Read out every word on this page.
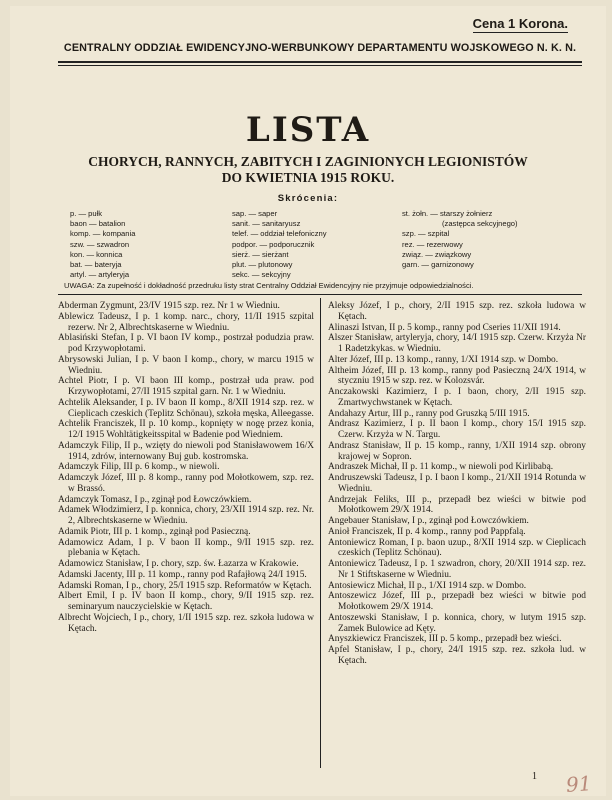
Cena 1 Korona.
CENTRALNY ODDZIAŁ EWIDENCYJNO-WERBUNKOWY DEPARTAMENTU WOJSKOWEGO N. K. N.
LISTA
CHORYCH, RANNYCH, ZABITYCH I ZAGINIONYCH LEGIONISTÓW
DO KWIETNIA 1915 ROKU.
Skrócenia:
p. — pułk
baon — batalion
komp. — kompania
szw. — szwadron
kon. — konnica
bat. — bateryja
artyl. — artyleryja
sap. — saper
sanit. — sanitaryusz
telef. — oddział telefoniczny
podpor. — podporucznik
sierż. — sierżant
plut. — plutonowy
sekc. — sekcyjny
st. żołn. — starszy żołnierz
(zastępca sekcyjnego)
szp. — szpital
rez. — rezerwowy
związ. — związkowy
garn. — garnizonowy
UWAGA: Za zupełność i dokładność przedruku listy strat Centralny Oddział Ewidencyjny nie przyjmuje odpowiedzialności.
Abderman Zygmunt, 23/IV 1915 szp. rez. Nr 1 w Wiedniu.
Ablewicz Tadeusz, I p. 1 komp. narc., chory, 11/II 1915 szpital rezerw. Nr 2, Albrechtskaserne w Wiedniu.
Ablasiński Stefan, I p. VI baon IV komp., postrzał podudzia praw. pod Krzywopłotami.
Abrysowski Julian, I p. V baon I komp., chory, w marcu 1915 w Wiedniu.
Achtel Piotr, I p. VI baon III komp., postrzał uda praw. pod Krzywopłotami, 27/II 1915 szpital garn. Nr. 1 w Wiedniu.
Achtelik Aleksander, I p. IV baon II komp., 8/XII 1914 szp. rez. w Cieplicach czeskich (Teplitz Schönau), szkoła męska, Alleegasse.
Achtelik Franciszek, II p. 10 komp., kopnięty w nogę przez konia, 12/I 1915 Wohltätigkeitsspital w Badenie pod Wiedniem.
Adamczyk Filip, II p., wzięty do niewoli pod Stanisławowem 16/X 1914, zdrów, internowany Buj gub. kostromska.
Adamczyk Filip, III p. 6 komp., w niewoli.
Adamczyk Józef, III p. 8 komp., ranny pod Mołotkowem, szp. rez. w Brassó.
Adamczyk Tomasz, I p., zginął pod Łowczówkiem.
Adamek Włodzimierz, I p. konnica, chory, 23/XII 1914 szp. rez. Nr. 2, Albrechtskaserne w Wiedniu.
Adamik Piotr, III p. 1 komp., zginął pod Pasieczną.
Adamowicz Adam, I p. V baon II komp., 9/II 1915 szp. rez. plebania w Kętach.
Adamowicz Stanisław, I p. chory, szp. św. Łazarza w Krakowie.
Adamski Jacenty, III p. 11 komp., ranny pod Rafajłową 24/I 1915.
Adamski Roman, I p., chory, 25/I 1915 szp. Reformatów w Kętach.
Albert Emil, I p. IV baon II komp., chory, 9/II 1915 szp. rez. seminaryum nauczycielskie w Kętach.
Albrecht Wojciech, I p., chory, 1/II 1915 szp. rez. szkoła ludowa w Kętach.
Aleksy Józef, I p., chory, 2/II 1915 szp. rez. szkoła ludowa w Kętach.
Alinaszi Istvan, II p. 5 komp., ranny pod Cseries 11/XII 1914.
Alszer Stanisław, artyleryja, chory, 14/I 1915 szp. Czerw. Krzyża Nr 1 Radetzkykas. w Wiedniu.
Alter Józef, III p. 13 komp., ranny, 1/XI 1914 szp. w Dombo.
Altheim Józef, III p. 13 komp., ranny pod Pasieczną 24/X 1914, w styczniu 1915 w szp. rez. w Kolozsvár.
Anczakowski Kazimierz, I p. I baon, chory, 2/II 1915 szp. Zmartwychwstanek w Kętach.
Andahazy Artur, III p., ranny pod Gruszką 5/III 1915.
Andrasz Kazimierz, I p. II baon I komp., chory 15/I 1915 szp. Czerw. Krzyża w N. Targu.
Andrasz Stanisław, II p. 15 komp., ranny, 1/XII 1914 szp. obrony krajowej w Sopron.
Andraszek Michał, II p. 11 komp., w niewoli pod Kirlibabą.
Andruszewski Tadeusz, I p. I baon I komp., 21/XII 1914 Rotunda w Wiedniu.
Andrzejak Feliks, III p., przepadł bez wieści w bitwie pod Mołotkowem 29/X 1914.
Angebauer Stanisław, I p., zginął pod Łowczówkiem.
Anioł Franciszek, II p. 4 komp., ranny pod Pappfalą.
Antoniewicz Roman, I p. baon uzup., 8/XII 1914 szp. w Cieplicach czeskich (Teplitz Schönau).
Antoniewicz Tadeusz, I p. 1 szwadron, chory, 20/XII 1914 szp. rez. Nr 1 Stiftskaserne w Wiedniu.
Antosiewicz Michał, II p., 1/XI 1914 szp. w Dombo.
Antoszewicz Józef, III p., przepadł bez wieści w bitwie pod Mołotkowem 29/X 1914.
Antoszewski Stanisław, I p. konnica, chory, w lutym 1915 szp. Zamek Bulowice ad Kęty.
Anyszkiewicz Franciszek, III p. 5 komp., przepadł bez wieści.
Apfel Stanisław, I p., chory, 24/I 1915 szp. rez. szkoła lud. w Kętach.
1 91
